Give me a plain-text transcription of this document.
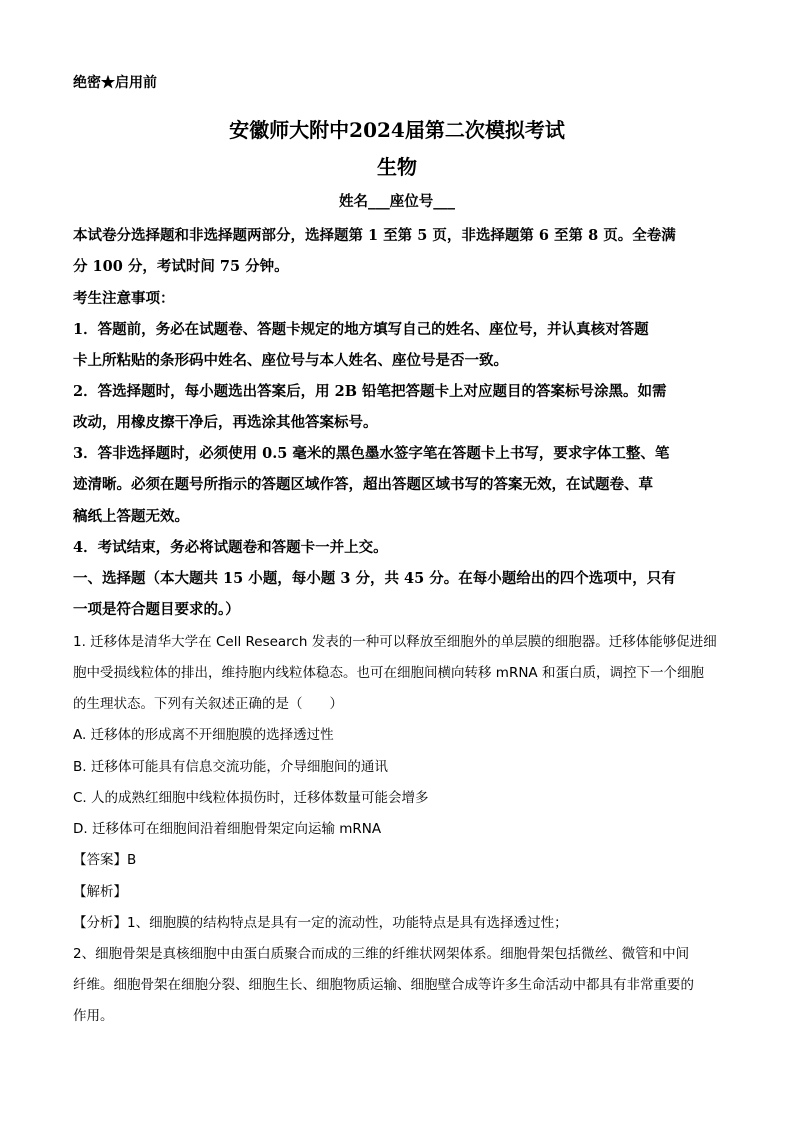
绝密★启用前
安徽师大附中2024届第二次模拟考试
生物
姓名___座位号___
本试卷分选择题和非选择题两部分，选择题第 1 至第 5 页，非选择题第 6 至第 8 页。全卷满
分 100 分，考试时间 75 分钟。
考生注意事项：
1．答题前，务必在试题卷、答题卡规定的地方填写自己的姓名、座位号，并认真核对答题
卡上所粘贴的条形码中姓名、座位号与本人姓名、座位号是否一致。
2．答选择题时，每小题选出答案后，用 2B 铅笔把答题卡上对应题目的答案标号涂黑。如需
改动，用橡皮擦干净后，再选涂其他答案标号。
3．答非选择题时，必须使用 0.5 毫米的黑色墨水签字笔在答题卡上书写，要求字体工整、笔
迹清晰。必须在题号所指示的答题区域作答，超出答题区域书写的答案无效，在试题卷、草
稿纸上答题无效。
4．考试结束，务必将试题卷和答题卡一并上交。
一、选择题（本大题共 15 小题，每小题 3 分，共 45 分。在每小题给出的四个选项中，只有
一项是符合题目要求的。）
1. 迁移体是清华大学在 Cell Research 发表的一种可以释放至细胞外的单层膜的细胞器。迁移体能够促进细
胞中受损线粒体的排出，维持胞内线粒体稳态。也可在细胞间横向转移 mRNA 和蛋白质，调控下一个细胞
的生理状态。下列有关叙述正确的是（　　）
A. 迁移体的形成离不开细胞膜的选择透过性
B. 迁移体可能具有信息交流功能，介导细胞间的通讯
C. 人的成熟红细胞中线粒体损伤时，迁移体数量可能会增多
D. 迁移体可在细胞间沿着细胞骨架定向运输 mRNA
【答案】B
【解析】
【分析】1、细胞膜的结构特点是具有一定的流动性，功能特点是具有选择透过性；
2、细胞骨架是真核细胞中由蛋白质聚合而成的三维的纤维状网架体系。细胞骨架包括微丝、微管和中间
纤维。细胞骨架在细胞分裂、细胞生长、细胞物质运输、细胞壁合成等许多生命活动中都具有非常重要的
作用。
